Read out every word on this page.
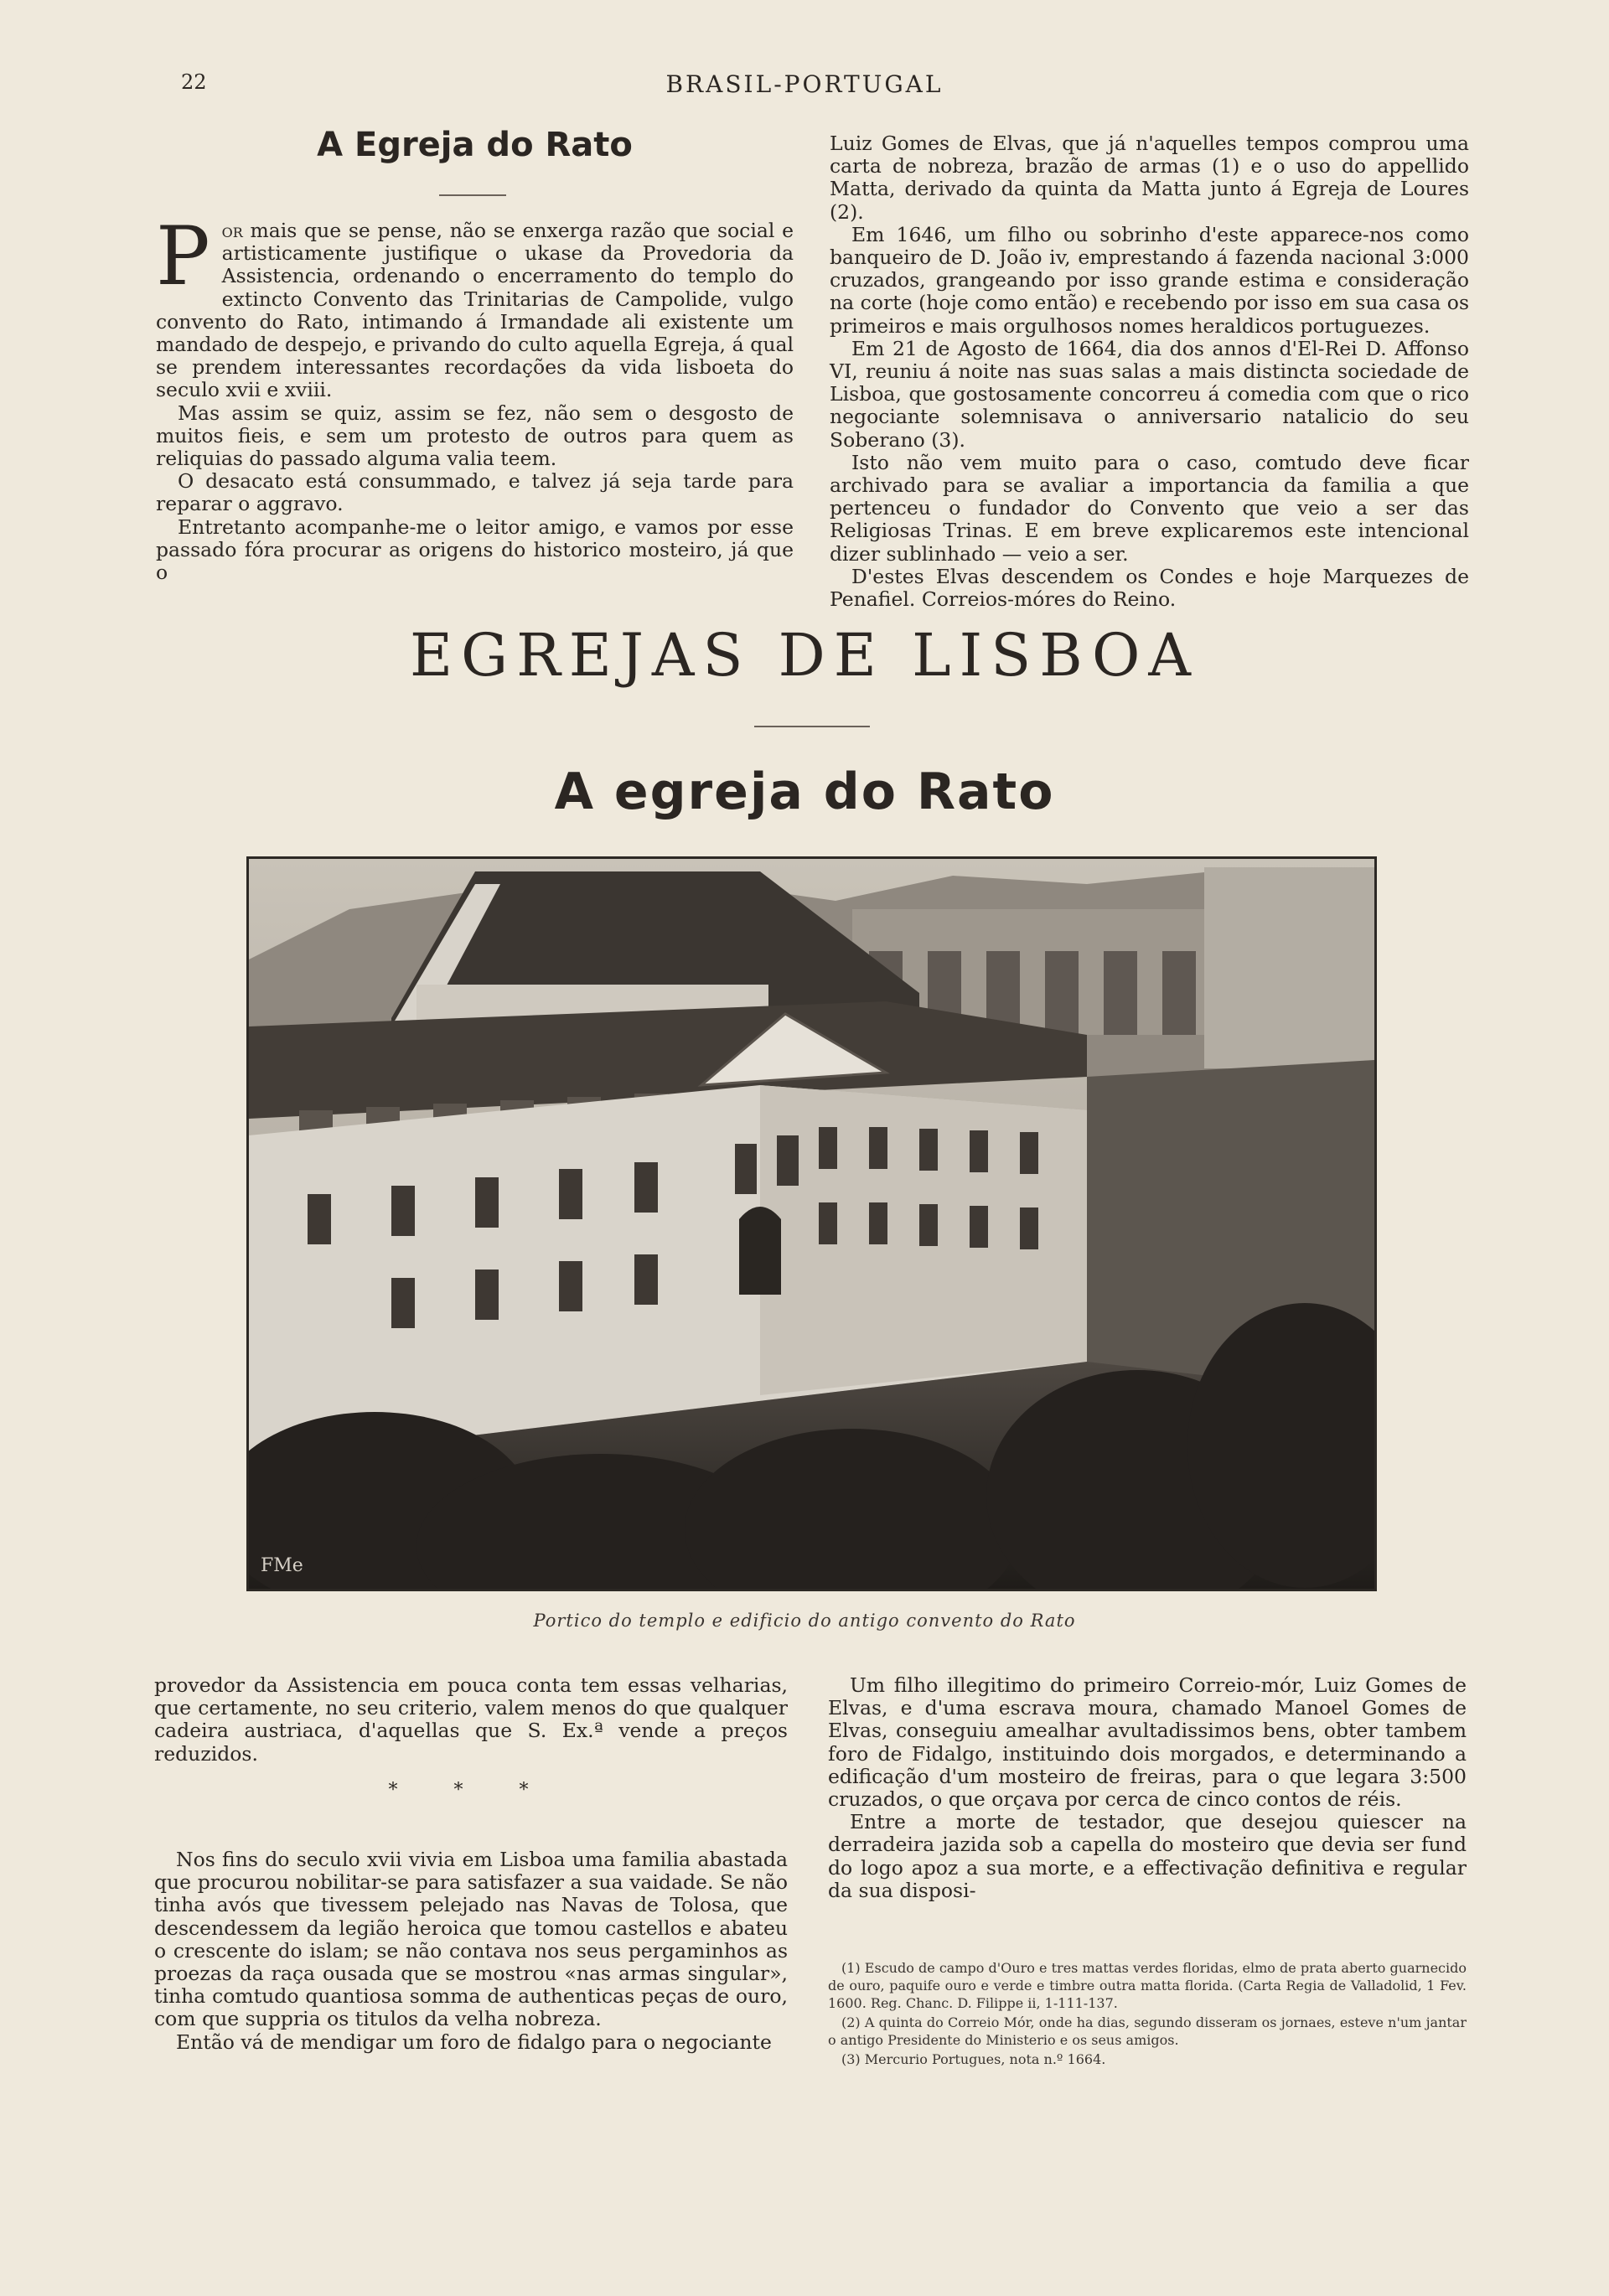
22	BRASIL-PORTUGAL
A Egreja do Rato

Por mais que se pense, não se enxerga razão que social e artisticamente justifique o ukase da Provedoria da Assistencia, ordenando o encerramento do templo do extincto Convento das Trinitarias de Campolide, vulgo convento do Rato, intimando á Irmandade ali existente um mandado de despejo, e privando do culto aquella Egreja, á qual se prendem interessantes recordações da vida lisboeta do seculo xvii e xviii.

Mas assim se quiz, assim se fez, não sem o desgosto de muitos fieis, e sem um protesto de outros para quem as reliquias do passado alguma valia teem.

O desacato está consummado, e talvez já seja tarde para reparar o aggravo.

Entretanto acompanhe-me o leitor amigo, e vamos por esse passado fóra procurar as origens do historico mosteiro, já que o

Luiz Gomes de Elvas, que já n'aquelles tempos comprou uma carta de nobreza, brazão de armas (1) e o uso do appellido Matta, derivado da quinta da Matta junto á Egreja de Loures (2).

Em 1646, um filho ou sobrinho d'este apparece-nos como banqueiro de D. João iv, emprestando á fazenda nacional 3:000 cruzados, grangeando por isso grande estima e consideração na corte (hoje como então) e recebendo por isso em sua casa os primeiros e mais orgulhosos nomes heraldicos portuguezes.

Em 21 de Agosto de 1664, dia dos annos d'El-Rei D. Affonso VI, reuniu á noite nas suas salas a mais distincta sociedade de Lisboa, que gostosamente concorreu á comedia com que o rico negociante solemnisava o anniversario natalicio do seu Soberano (3).

Isto não vem muito para o caso, comtudo deve ficar archivado para se avaliar a importancia da familia a que pertenceu o fundador do Convento que veio a ser das Religiosas Trinas. E em breve explicaremos este intencional dizer sublinhado — veio a ser.

D'estes Elvas descendem os Condes e hoje Marquezes de Penafiel. Correios-móres do Reino.

EGREJAS DE LISBOA
A egreja do Rato
FMe
Portico do templo e edificio do antigo convento do Rato

provedor da Assistencia em pouca conta tem essas velharias, que certamente, no seu criterio, valem menos do que qualquer cadeira austriaca, d'aquellas que S. Ex.ª vende a preços reduzidos.

* * *

Nos fins do seculo xvii vivia em Lisboa uma familia abastada que procurou nobilitar-se para satisfazer a sua vaidade. Se não tinha avós que tivessem pelejado nas Navas de Tolosa, que descendessem da legião heroica que tomou castellos e abateu o crescente do islam; se não contava nos seus pergaminhos as proezas da raça ousada que se mostrou «nas armas singular», tinha comtudo quantiosa somma de authenticas peças de ouro, com que suppria os titulos da velha nobreza.

Então vá de mendigar um foro de fidalgo para o negociante

Um filho illegitimo do primeiro Correio-mór, Luiz Gomes de Elvas, e d'uma escrava moura, chamado Manoel Gomes de Elvas, conseguiu amealhar avultadissimos bens, obter tambem foro de Fidalgo, instituindo dois morgados, e determinando a edificação d'um mosteiro de freiras, para o que legara 3:500 cruzados, o que orçava por cerca de cinco contos de réis.

Entre a morte de testador, que desejou quiescer na derradeira jazida sob a capella do mosteiro que devia ser fund do logo apoz a sua morte, e a effectivação definitiva e regular da sua disposi-

(1) Escudo de campo d'Ouro e tres mattas verdes floridas, elmo de prata aberto guarnecido de ouro, paquife ouro e verde e timbre outra matta florida. (Carta Regia de Valladolid, 1 Fev. 1600. Reg. Chanc. D. Filippe ii, 1-111-137.

(2) A quinta do Correio Mór, onde ha dias, segundo disseram os jornaes, esteve n'um jantar o antigo Presidente do Ministerio e os seus amigos.

(3) Mercurio Portugues, nota n.º 1664.
